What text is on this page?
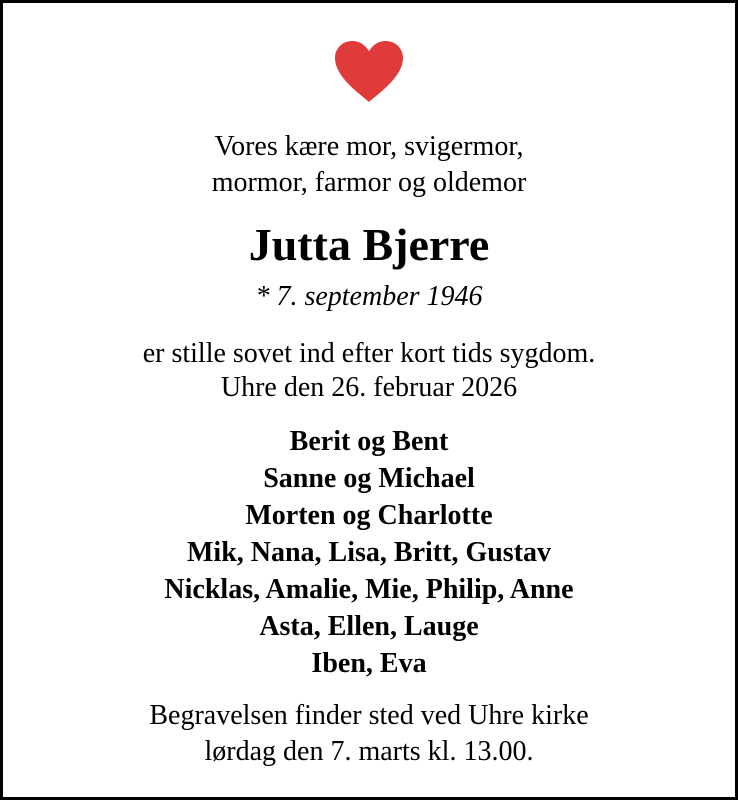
Vores kære mor, svigermor,
mormor, farmor og oldemor
Jutta Bjerre
* 7. september 1946
er stille sovet ind efter kort tids sygdom.
Uhre den 26. februar 2026
Berit og Bent
Sanne og Michael
Morten og Charlotte
Mik, Nana, Lisa, Britt, Gustav
Nicklas, Amalie, Mie, Philip, Anne
Asta, Ellen, Lauge
Iben, Eva
Begravelsen finder sted ved Uhre kirke
lørdag den 7. marts kl. 13.00.
